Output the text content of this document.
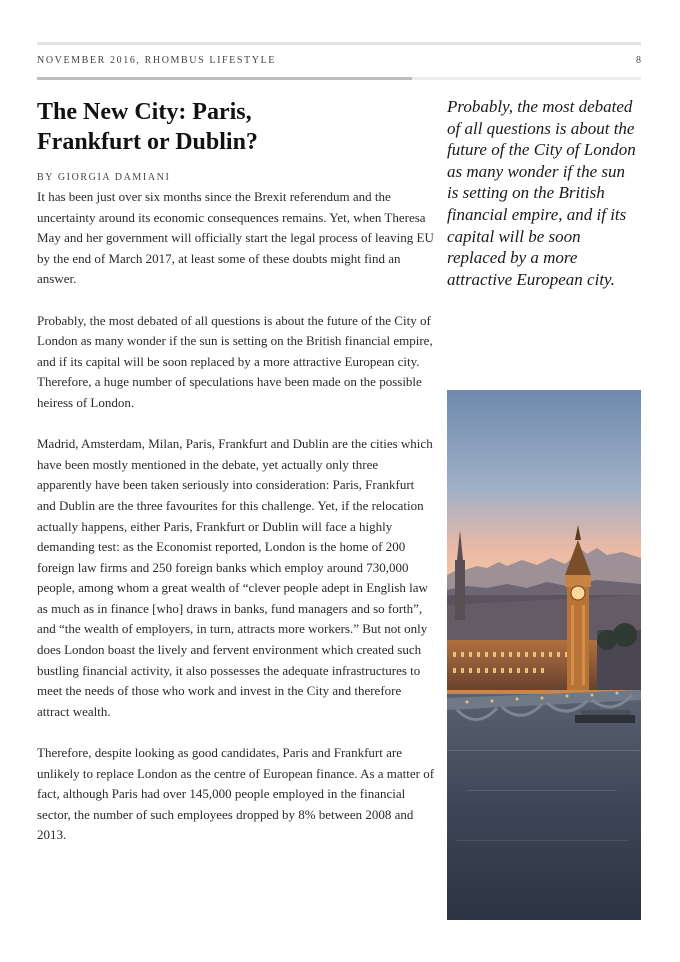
NOVEMBER 2016, RHOMBUS LIFESTYLE	8
The New City: Paris, Frankfurt or Dublin?
BY GIORGIA DAMIANI

It has been just over six months since the Brexit referendum and the uncertainty around its economic consequences remains. Yet, when Theresa May and her government will officially start the legal process of leaving EU by the end of March 2017, at least some of these doubts might find an answer.

Probably, the most debated of all questions is about the future of the City of London as many wonder if the sun is setting on the British financial empire, and if its capital will be soon replaced by a more attractive European city. Therefore, a huge number of speculations have been made on the possible heiress of London.

Madrid, Amsterdam, Milan, Paris, Frankfurt and Dublin are the cities which have been mostly mentioned in the debate, yet actually only three apparently have been taken seriously into consideration: Paris, Frankfurt and Dublin are the three favourites for this challenge. Yet, if the relocation actually happens, either Paris, Frankfurt or Dublin will face a highly demanding test: as the Economist reported, London is the home of 200 foreign law firms and 250 foreign banks which employ around 730,000 people, among whom a great wealth of “clever people adept in English law as much as in finance [who] draws in banks, fund managers and so forth”, and “the wealth of employers, in turn, attracts more workers.” But not only does London boast the lively and fervent environment which created such bustling financial activity, it also possesses the adequate infrastructures to meet the needs of those who work and invest in the City and therefore attract wealth.

Therefore, despite looking as good candidates, Paris and Frankfurt are unlikely to replace London as the centre of European finance. As a matter of fact, although Paris had over 145,000 people employed in the financial sector, the number of such employees dropped by 8% between 2008 and 2013.

Probably, the most debated of all questions is about the future of the City of London as many wonder if the sun is setting on the British financial empire, and if its capital will be soon replaced by a more attractive European city.
